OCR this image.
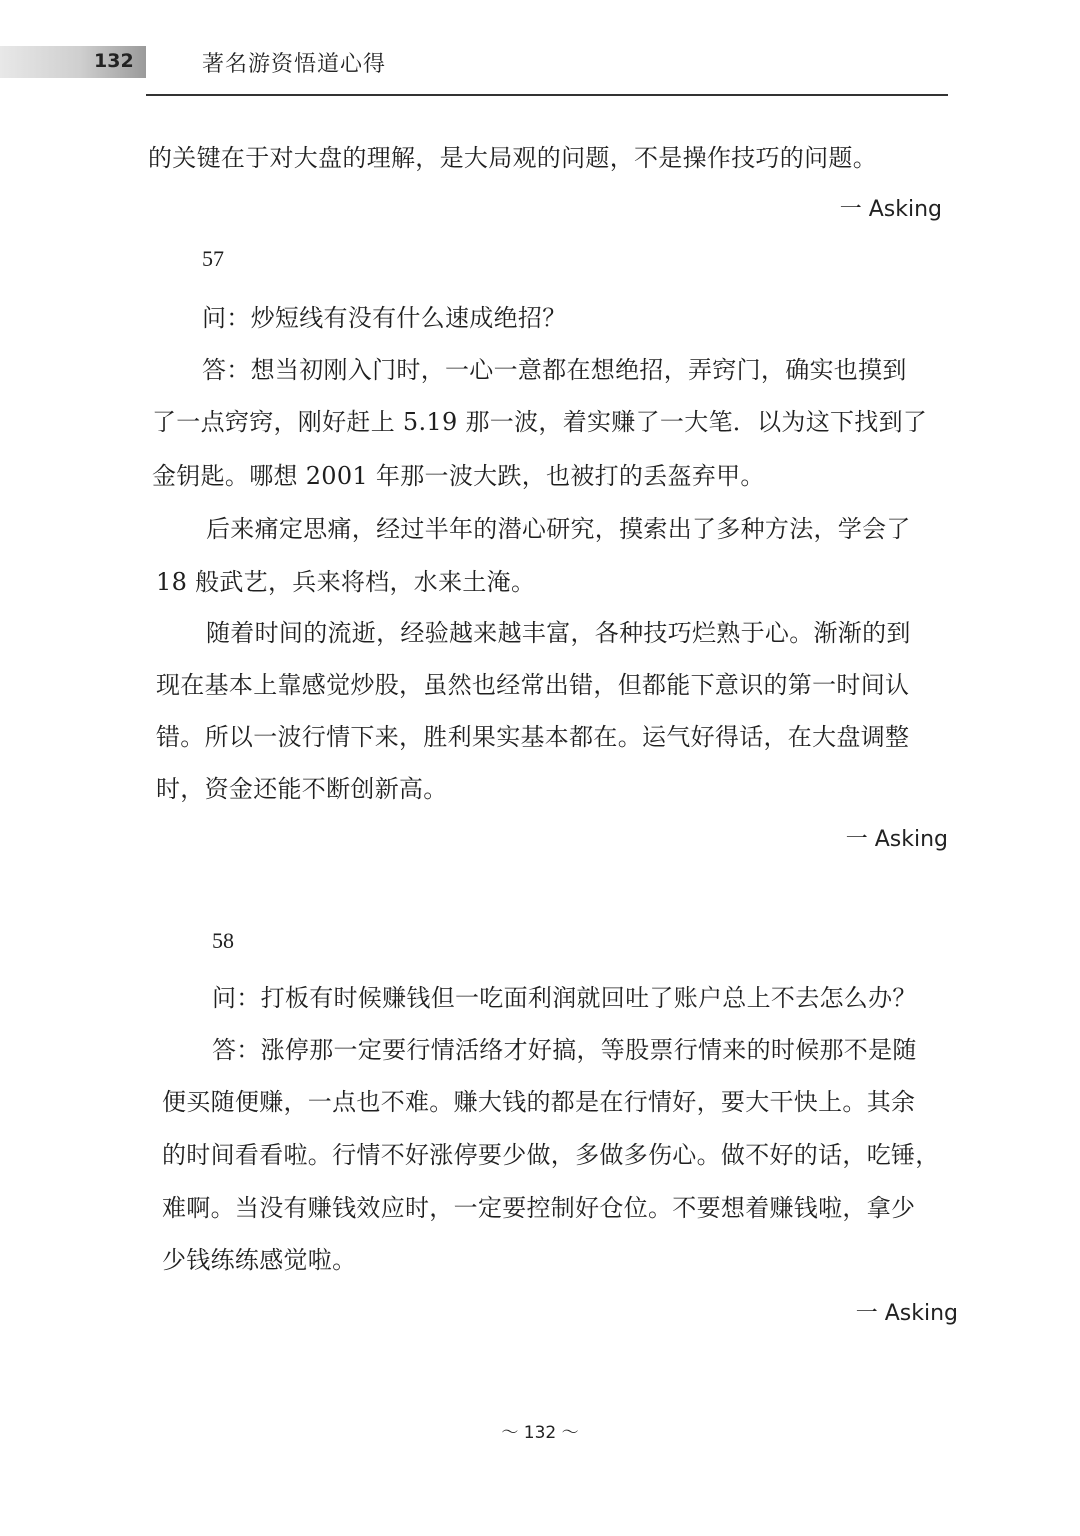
132	著名游资悟道心得
的关键在于对大盘的理解，是大局观的问题，不是操作技巧的问题。
一 Asking
57
问：炒短线有没有什么速成绝招？
答：想当初刚入门时，一心一意都在想绝招，弄窍门，确实也摸到
了一点窍窍，刚好赶上 5.19 那一波，着实赚了一大笔．以为这下找到了
金钥匙。哪想 2001 年那一波大跌，也被打的丢盔弃甲。
后来痛定思痛，经过半年的潜心研究，摸索出了多种方法，学会了
18 般武艺，兵来将档，水来土淹。
随着时间的流逝，经验越来越丰富，各种技巧烂熟于心。渐渐的到
现在基本上靠感觉炒股，虽然也经常出错，但都能下意识的第一时间认
错。所以一波行情下来，胜利果实基本都在。运气好得话，在大盘调整
时，资金还能不断创新高。
一 Asking
58
问：打板有时候赚钱但一吃面利润就回吐了账户总上不去怎么办？
答：涨停那一定要行情活络才好搞，等股票行情来的时候那不是随
便买随便赚，一点也不难。赚大钱的都是在行情好，要大干快上。其余
的时间看看啦。行情不好涨停要少做，多做多伤心。做不好的话，吃锤，
难啊。当没有赚钱效应时，一定要控制好仓位。不要想着赚钱啦，拿少
少钱练练感觉啦。
一 Asking
～ 132 ～
